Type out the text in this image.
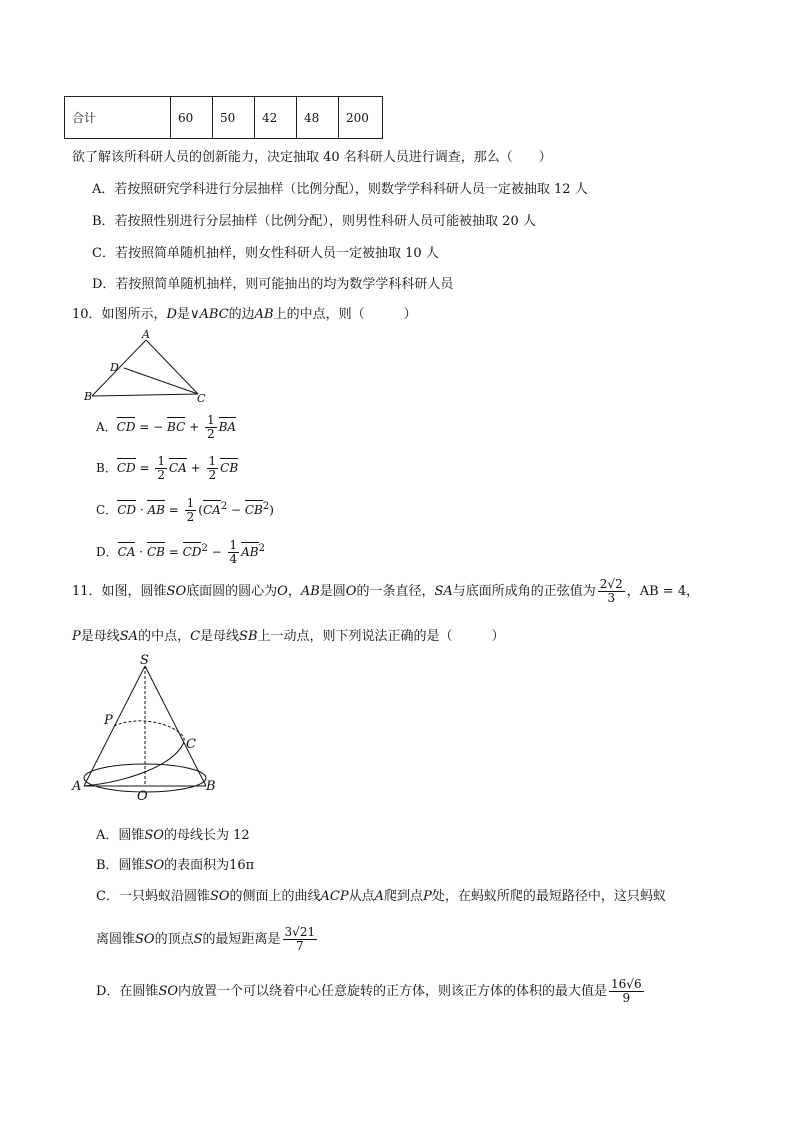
合计	60	50	42	48	200
欲了解该所科研人员的创新能力，决定抽取 40 名科研人员进行调查，那么（　　）
A．若按照研究学科进行分层抽样（比例分配），则数学学科科研人员一定被抽取 12 人
B．若按照性别进行分层抽样（比例分配），则男性科研人员可能被抽取 20 人
C．若按照简单随机抽样，则女性科研人员一定被抽取 10 人
D．若按照简单随机抽样，则可能抽出的均为数学学科科研人员
10．如图所示，D是∨ABC的边AB上的中点，则（　　　）
A
D
B	C
A．CD = − BC + $\frac{1}{2}$ BA
B．CD = $\frac{1}{2}$ CA + $\frac{1}{2}$ CB
C．CD · AB = $\frac{1}{2} (CA^2 - CB^2)$
D．CA · CB = $CD^2 - \frac{1}{4} AB^2$
11．如图，圆锥SO底面圆的圆心为O，AB是圆O的一条直径，SA与底面所成角的正弦值为 $\frac{2√2}{3}$ ，AB = 4，
P是母线SA的中点，C是母线SB上一动点，则下列说法正确的是（　　　）
S
P
C
A
O
B
A．圆锥SO的母线长为 12
B．圆锥SO的表面积为16π
C．一只蚂蚁沿圆锥SO的侧面上的曲线ACP从点A爬到点P处，在蚂蚁所爬的最短路径中，这只蚂蚁
离圆锥SO的顶点S的最短距离是 $\frac{3√21}{7}$
D．在圆锥SO内放置一个可以绕着中心任意旋转的正方体，则该正方体的体积的最大值是 $\frac{16√6}{9}$
